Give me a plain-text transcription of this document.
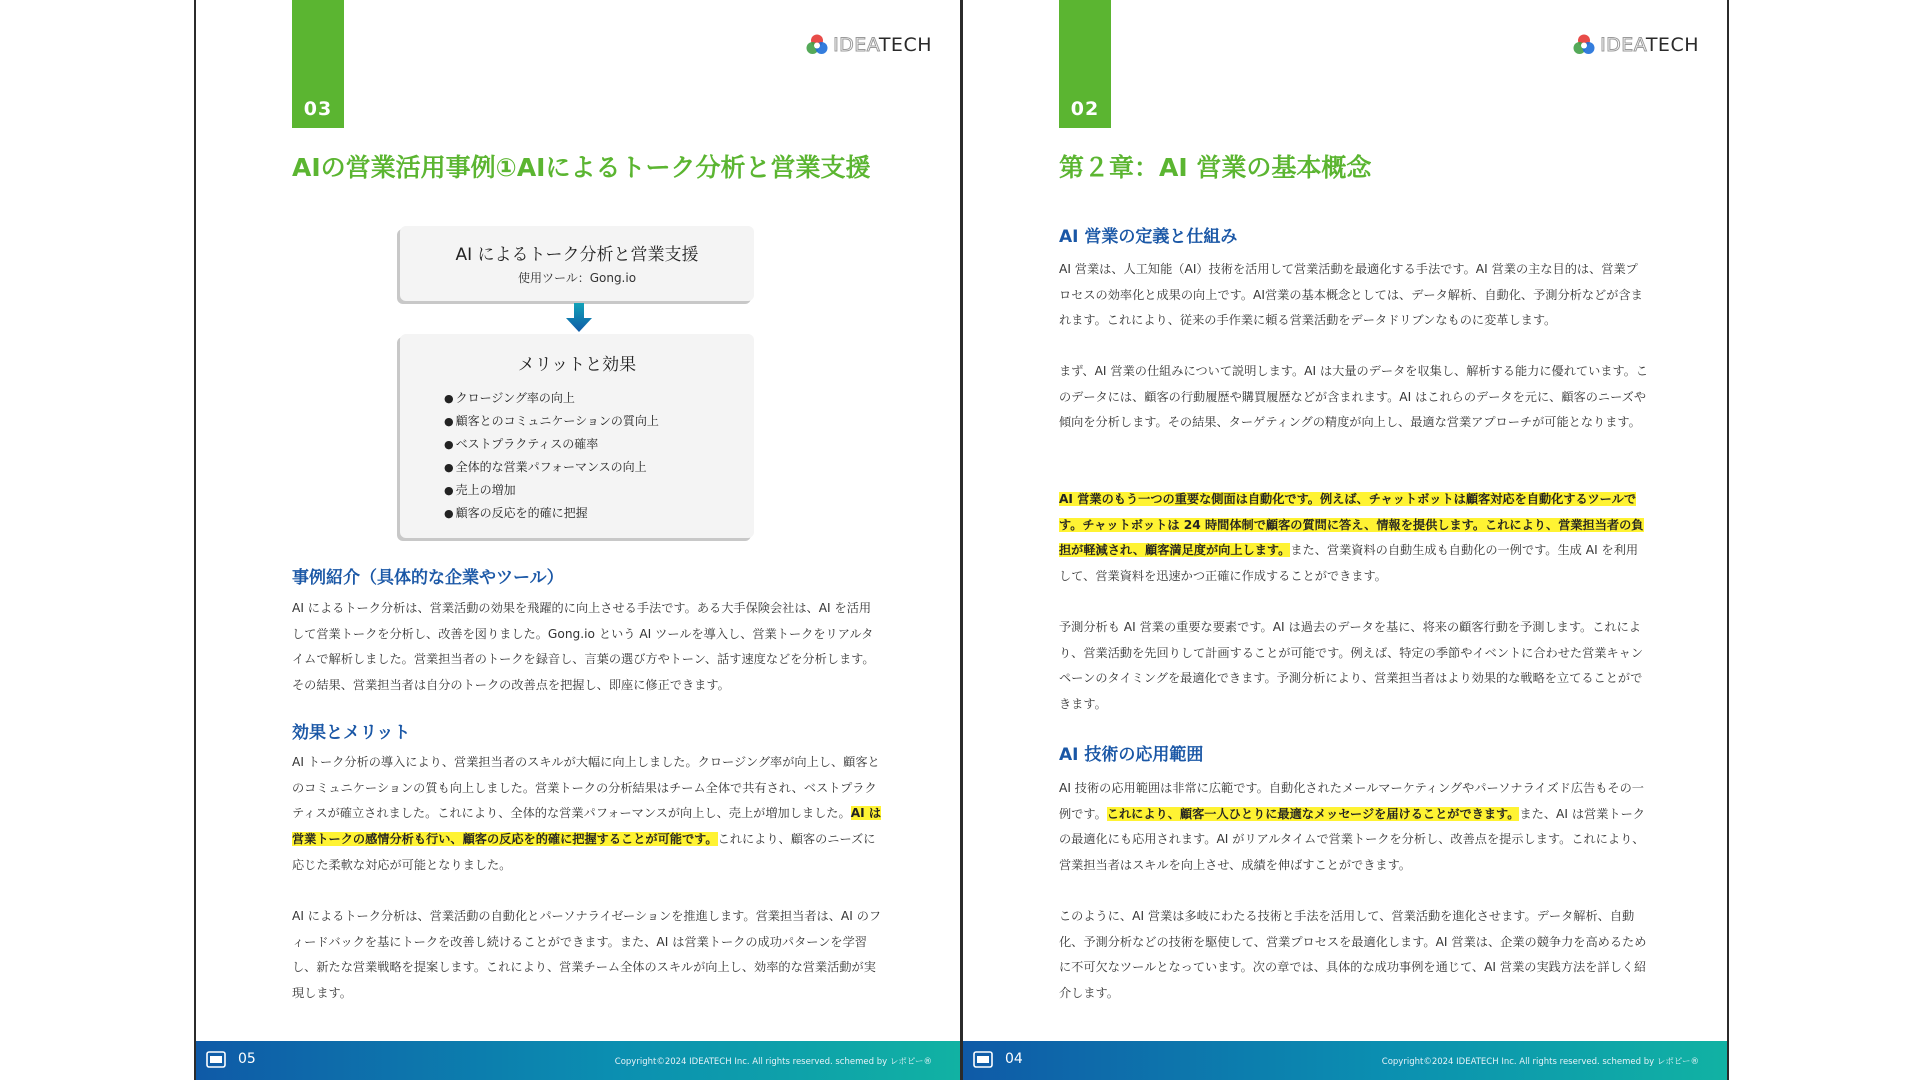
03
IDEATECH
AIの営業活用事例①AIによるトーク分析と営業支援
AI によるトーク分析と営業支援
使用ツール：Gong.io
メリットと効果
● クロージング率の向上
● 顧客とのコミュニケーションの質向上
● ベストプラクティスの確率
● 全体的な営業パフォーマンスの向上
● 売上の増加
● 顧客の反応を的確に把握
事例紹介（具体的な企業やツール）

AI によるトーク分析は、営業活動の効果を飛躍的に向上させる手法です。ある大手保険会社は、AI を活用して営業トークを分析し、改善を図りました。Gong.io という AI ツールを導入し、営業トークをリアルタイムで解析しました。営業担当者のトークを録音し、言葉の選び方やトーン、話す速度などを分析します。その結果、営業担当者は自分のトークの改善点を把握し、即座に修正できます。

効果とメリット

AI トーク分析の導入により、営業担当者のスキルが大幅に向上しました。クロージング率が向上し、顧客とのコミュニケーションの質も向上しました。営業トークの分析結果はチーム全体で共有され、ベストプラクティスが確立されました。これにより、全体的な営業パフォーマンスが向上し、売上が増加しました。AI は営業トークの感情分析も行い、顧客の反応を的確に把握することが可能です。これにより、顧客のニーズに応じた柔軟な対応が可能となりました。

AI によるトーク分析は、営業活動の自動化とパーソナライゼーションを推進します。営業担当者は、AI のフィードバックを基にトークを改善し続けることができます。また、AI は営業トークの成功パターンを学習し、新たな営業戦略を提案します。これにより、営業チーム全体のスキルが向上し、効率的な営業活動が実現します。

05	Copyright©2024 IDEATECH Inc. All rights reserved. schemed by レポピー®
02
IDEATECH
第２章：AI 営業の基本概念
AI 営業の定義と仕組み

AI 営業は、人工知能（AI）技術を活用して営業活動を最適化する手法です。AI 営業の主な目的は、営業プロセスの効率化と成果の向上です。AI営業の基本概念としては、データ解析、自動化、予測分析などが含まれます。これにより、従来の手作業に頼る営業活動をデータドリブンなものに変革します。

まず、AI 営業の仕組みについて説明します。AI は大量のデータを収集し、解析する能力に優れています。このデータには、顧客の行動履歴や購買履歴などが含まれます。AI はこれらのデータを元に、顧客のニーズや傾向を分析します。その結果、ターゲティングの精度が向上し、最適な営業アプローチが可能となります。

AI 営業のもう一つの重要な側面は自動化です。例えば、チャットボットは顧客対応を自動化するツールです。チャットボットは 24 時間体制で顧客の質問に答え、情報を提供します。これにより、営業担当者の負担が軽減され、顧客満足度が向上します。また、営業資料の自動生成も自動化の一例です。生成 AI を利用して、営業資料を迅速かつ正確に作成することができます。

予測分析も AI 営業の重要な要素です。AI は過去のデータを基に、将来の顧客行動を予測します。これにより、営業活動を先回りして計画することが可能です。例えば、特定の季節やイベントに合わせた営業キャンペーンのタイミングを最適化できます。予測分析により、営業担当者はより効果的な戦略を立てることができます。

AI 技術の応用範囲

AI 技術の応用範囲は非常に広範です。自動化されたメールマーケティングやパーソナライズド広告もその一例です。これにより、顧客一人ひとりに最適なメッセージを届けることができます。また、AI は営業トークの最適化にも応用されます。AI がリアルタイムで営業トークを分析し、改善点を提示します。これにより、営業担当者はスキルを向上させ、成績を伸ばすことができます。

このように、AI 営業は多岐にわたる技術と手法を活用して、営業活動を進化させます。データ解析、自動化、予測分析などの技術を駆使して、営業プロセスを最適化します。AI 営業は、企業の競争力を高めるために不可欠なツールとなっています。次の章では、具体的な成功事例を通じて、AI 営業の実践方法を詳しく紹介します。

04	Copyright©2024 IDEATECH Inc. All rights reserved. schemed by レポピー®
